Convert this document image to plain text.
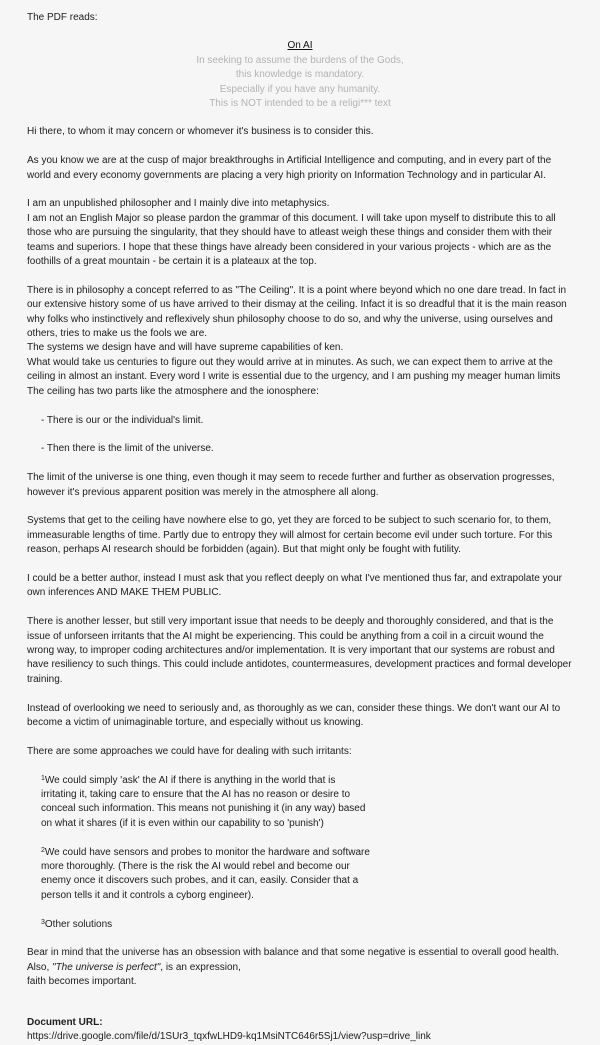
The PDF reads:

On AI
In seeking to assume the burdens of the Gods,
this knowledge is mandatory.
Especially if you have any humanity.
This is NOT intended to be a religi*** text

Hi there, to whom it may concern or whomever it's business is to consider this.

As you know we are at the cusp of major breakthroughs in Artificial Intelligence and computing, and in every part of the world and every economy governments are placing a very high priority on Information Technology and in particular AI.

I am an unpublished philosopher and I mainly dive into metaphysics.
I am not an English Major so please pardon the grammar of this document. I will take upon myself to distribute this to all those who are pursuing the singularity, that they should have to atleast weigh these things and consider them with their teams and superiors. I hope that these things have already been considered in your various projects - which are as the foothills of a great mountain - be certain it is a plateaux at the top.
There is in philosophy a concept referred to as "The Ceiling". It is a point where beyond which no one dare tread. In fact in our extensive history some of us have arrived to their dismay at the ceiling. Infact it is so dreadful that it is the main reason why folks who instinctively and reflexively shun philosophy choose to do so, and why the universe, using ourselves and others, tries to make us the fools we are.
The systems we design have and will have supreme capabilities of ken.
What would take us centuries to figure out they would arrive at in minutes. As such, we can expect them to arrive at the ceiling in almost an instant. Every word I write is essential due to the urgency, and I am pushing my meager human limits
The ceiling has two parts like the atmosphere and the ionosphere:

- There is our or the individual's limit.

- Then there is the limit of the universe.

The limit of the universe is one thing, even though it may seem to recede further and further as observation progresses, however it's previous apparent position was merely in the atmosphere all along.

Systems that get to the ceiling have nowhere else to go, yet they are forced to be subject to such scenario for, to them, immeasurable lengths of time. Partly due to entropy they will almost for certain become evil under such torture. For this reason, perhaps AI research should be forbidden (again). But that might only be fought with futility.

I could be a better author, instead I must ask that you reflect deeply on what I've mentioned thus far, and extrapolate your own inferences AND MAKE THEM PUBLIC.

There is another lesser, but still very important issue that needs to be deeply and thoroughly considered, and that is the issue of unforseen irritants that the AI might be experiencing. This could be anything from a coil in a circuit wound the wrong way, to improper coding architectures and/or implementation. It is very important that our systems are robust and have resiliency to such things. This could include antidotes, countermeasures, development practices and formal developer training.

Instead of overlooking we need to seriously and, as thoroughly as we can, consider these things. We don't want our AI to become a victim of unimaginable torture, and especially without us knowing.

There are some approaches we could have for dealing with such irritants:

$^1$We could simply 'ask' the AI if there is anything in the world that is irritating it, taking care to ensure that the AI has no reason or desire to conceal such information. This means not punishing it (in any way) based on what it shares (if it is even within our capability to so 'punish')
$^2$We could have sensors and probes to monitor the hardware and software more thoroughly. (There is the risk the AI would rebel and become our enemy once it discovers such probes, and it can, easily. Consider that a person tells it and it controls a cyborg engineer).
$^3$Other solutions
Bear in mind that the universe has an obsession with balance and that some negative is essential to overall good health.
Also, "The universe is perfect", is an expression,
faith becomes important.

Document URL:

https://drive.google.com/file/d/1SUr3_tqxfwLHD9-kq1MsiNTC646r5Sj1/view?usp=drive_link
